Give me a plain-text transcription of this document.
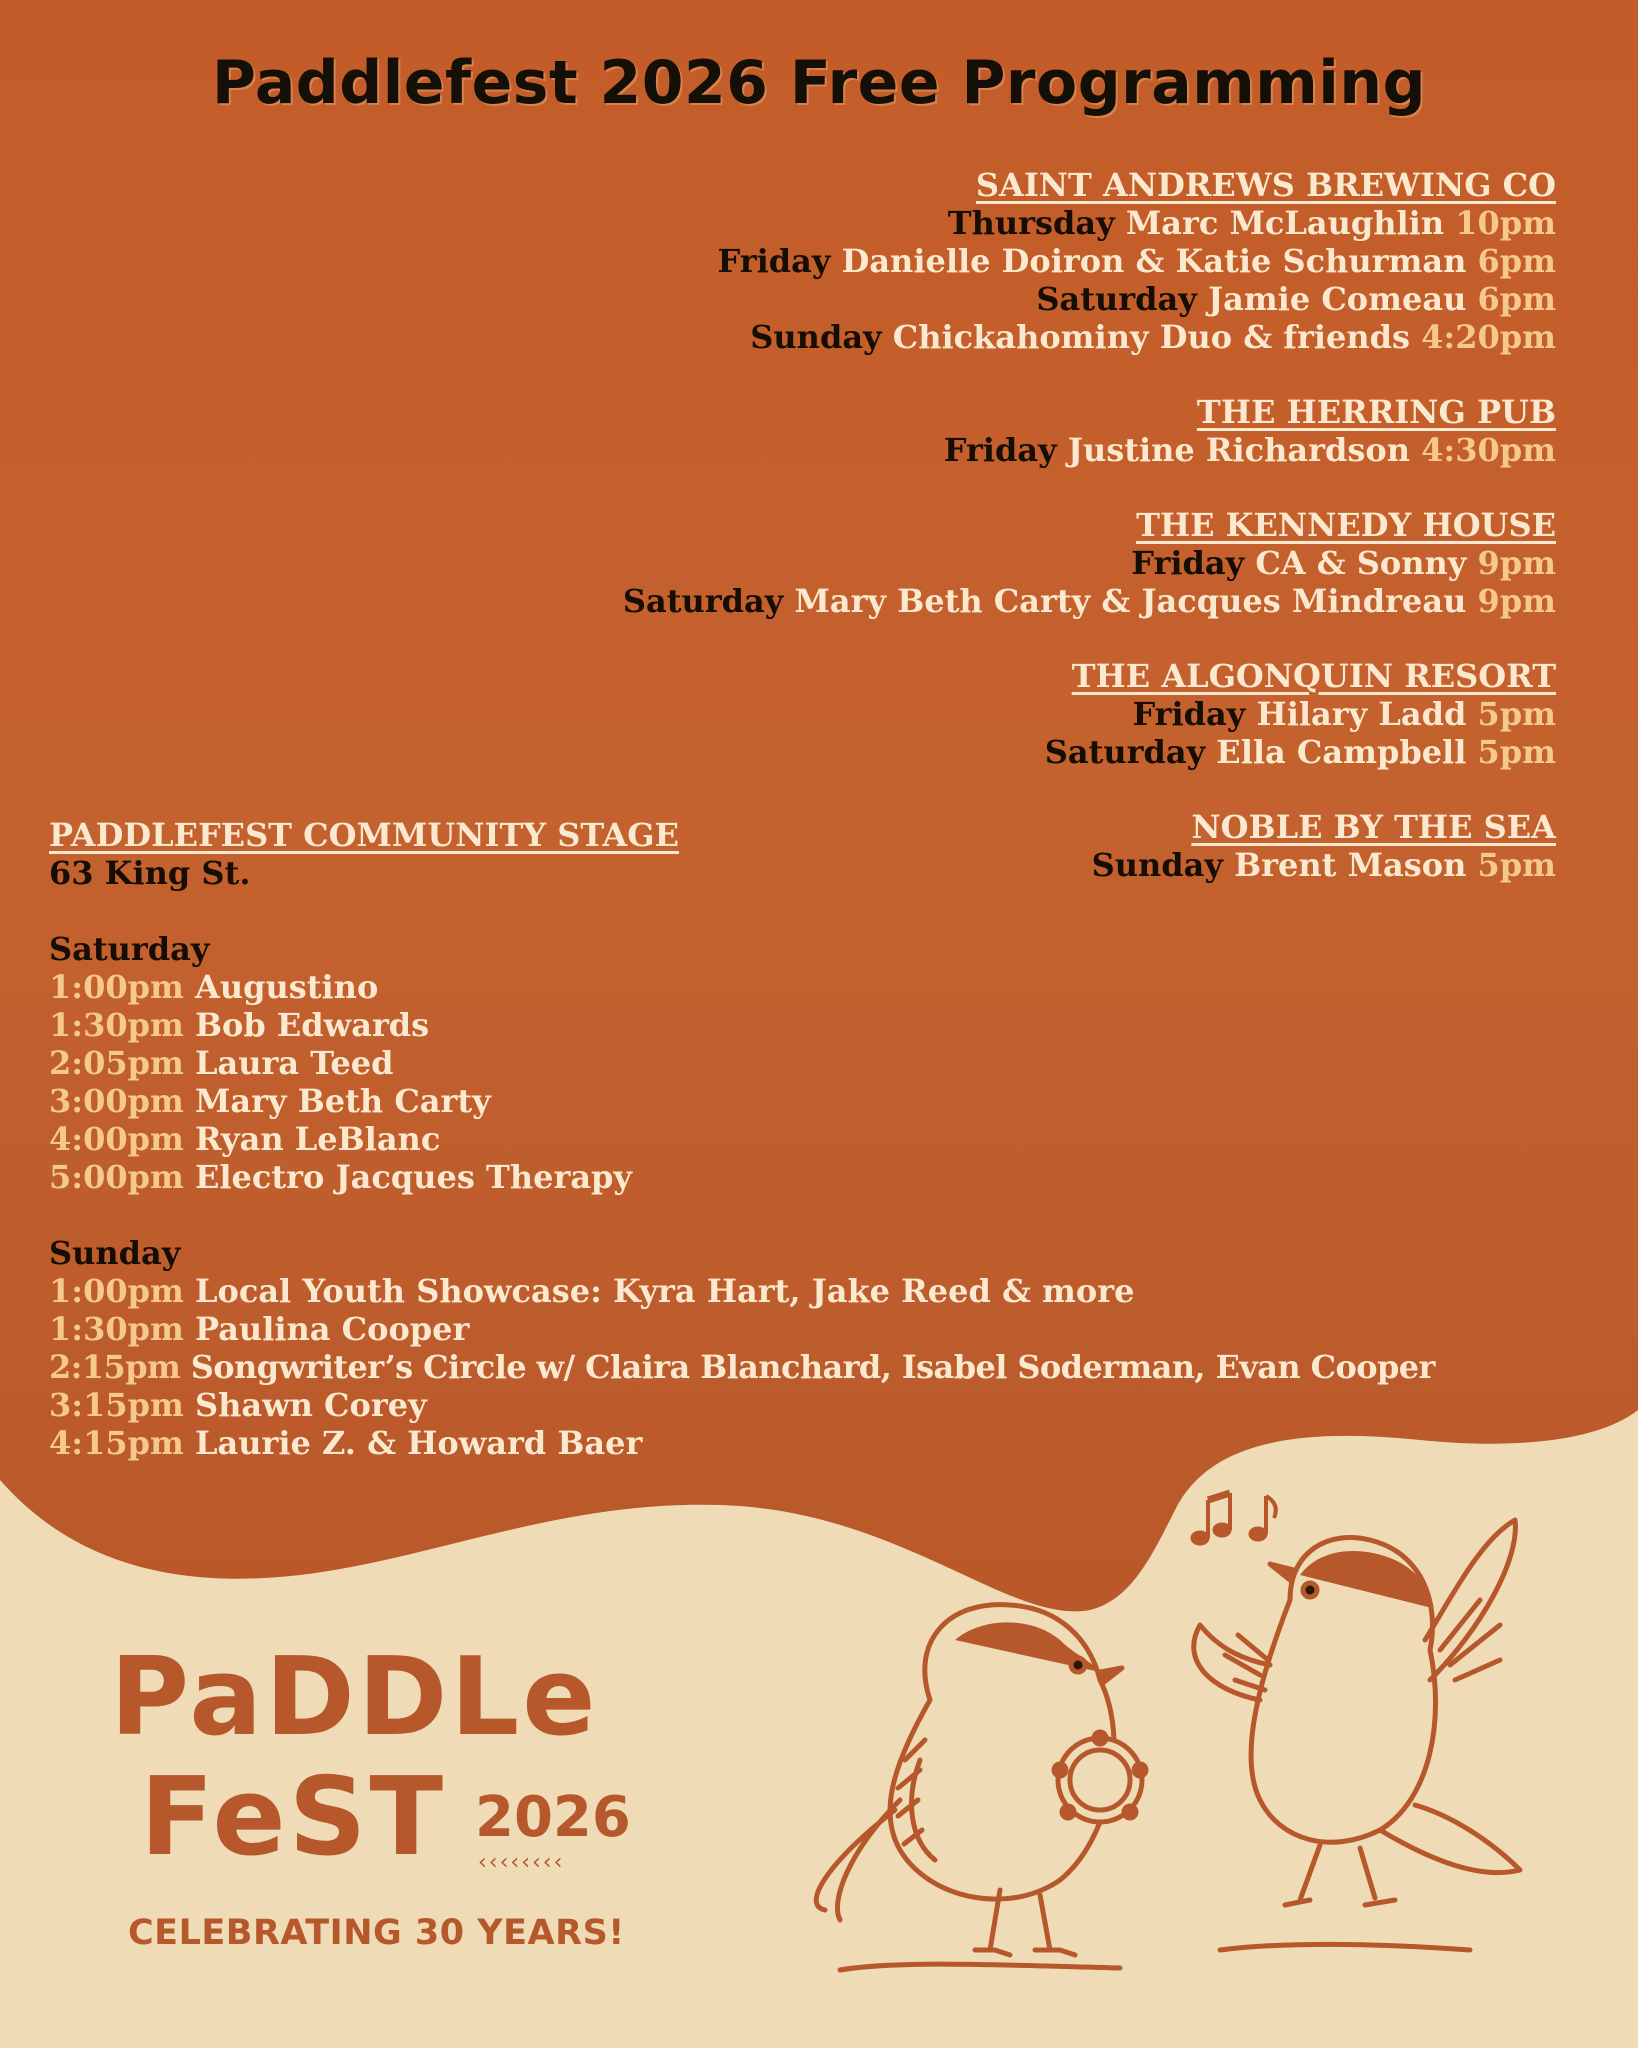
Paddlefest 2026 Free Programming
SAINT ANDREWS BREWING CO
Thursday Marc McLaughlin 10pm
Friday Danielle Doiron & Katie Schurman 6pm
Saturday Jamie Comeau 6pm
Sunday Chickahominy Duo & friends 4:20pm
THE HERRING PUB
Friday Justine Richardson 4:30pm
THE KENNEDY HOUSE
Friday CA & Sonny 9pm
Saturday Mary Beth Carty & Jacques Mindreau 9pm
THE ALGONQUIN RESORT
Friday Hilary Ladd 5pm
Saturday Ella Campbell 5pm
NOBLE BY THE SEA
Sunday Brent Mason 5pm
PADDLEFEST COMMUNITY STAGE
63 King St.
Saturday
1:00pm Augustino
1:30pm Bob Edwards
2:05pm Laura Teed
3:00pm Mary Beth Carty
4:00pm Ryan LeBlanc
5:00pm Electro Jacques Therapy
Sunday
1:00pm Local Youth Showcase: Kyra Hart, Jake Reed & more
1:30pm Paulina Cooper
2:15pm Songwriter’s Circle w/ Claira Blanchard, Isabel Soderman, Evan Cooper
3:15pm Shawn Corey
4:15pm Laurie Z. & Howard Baer
PaDDLe
FeST 2026
‹‹‹‹‹‹‹‹
CELEBRATING 30 YEARS!
